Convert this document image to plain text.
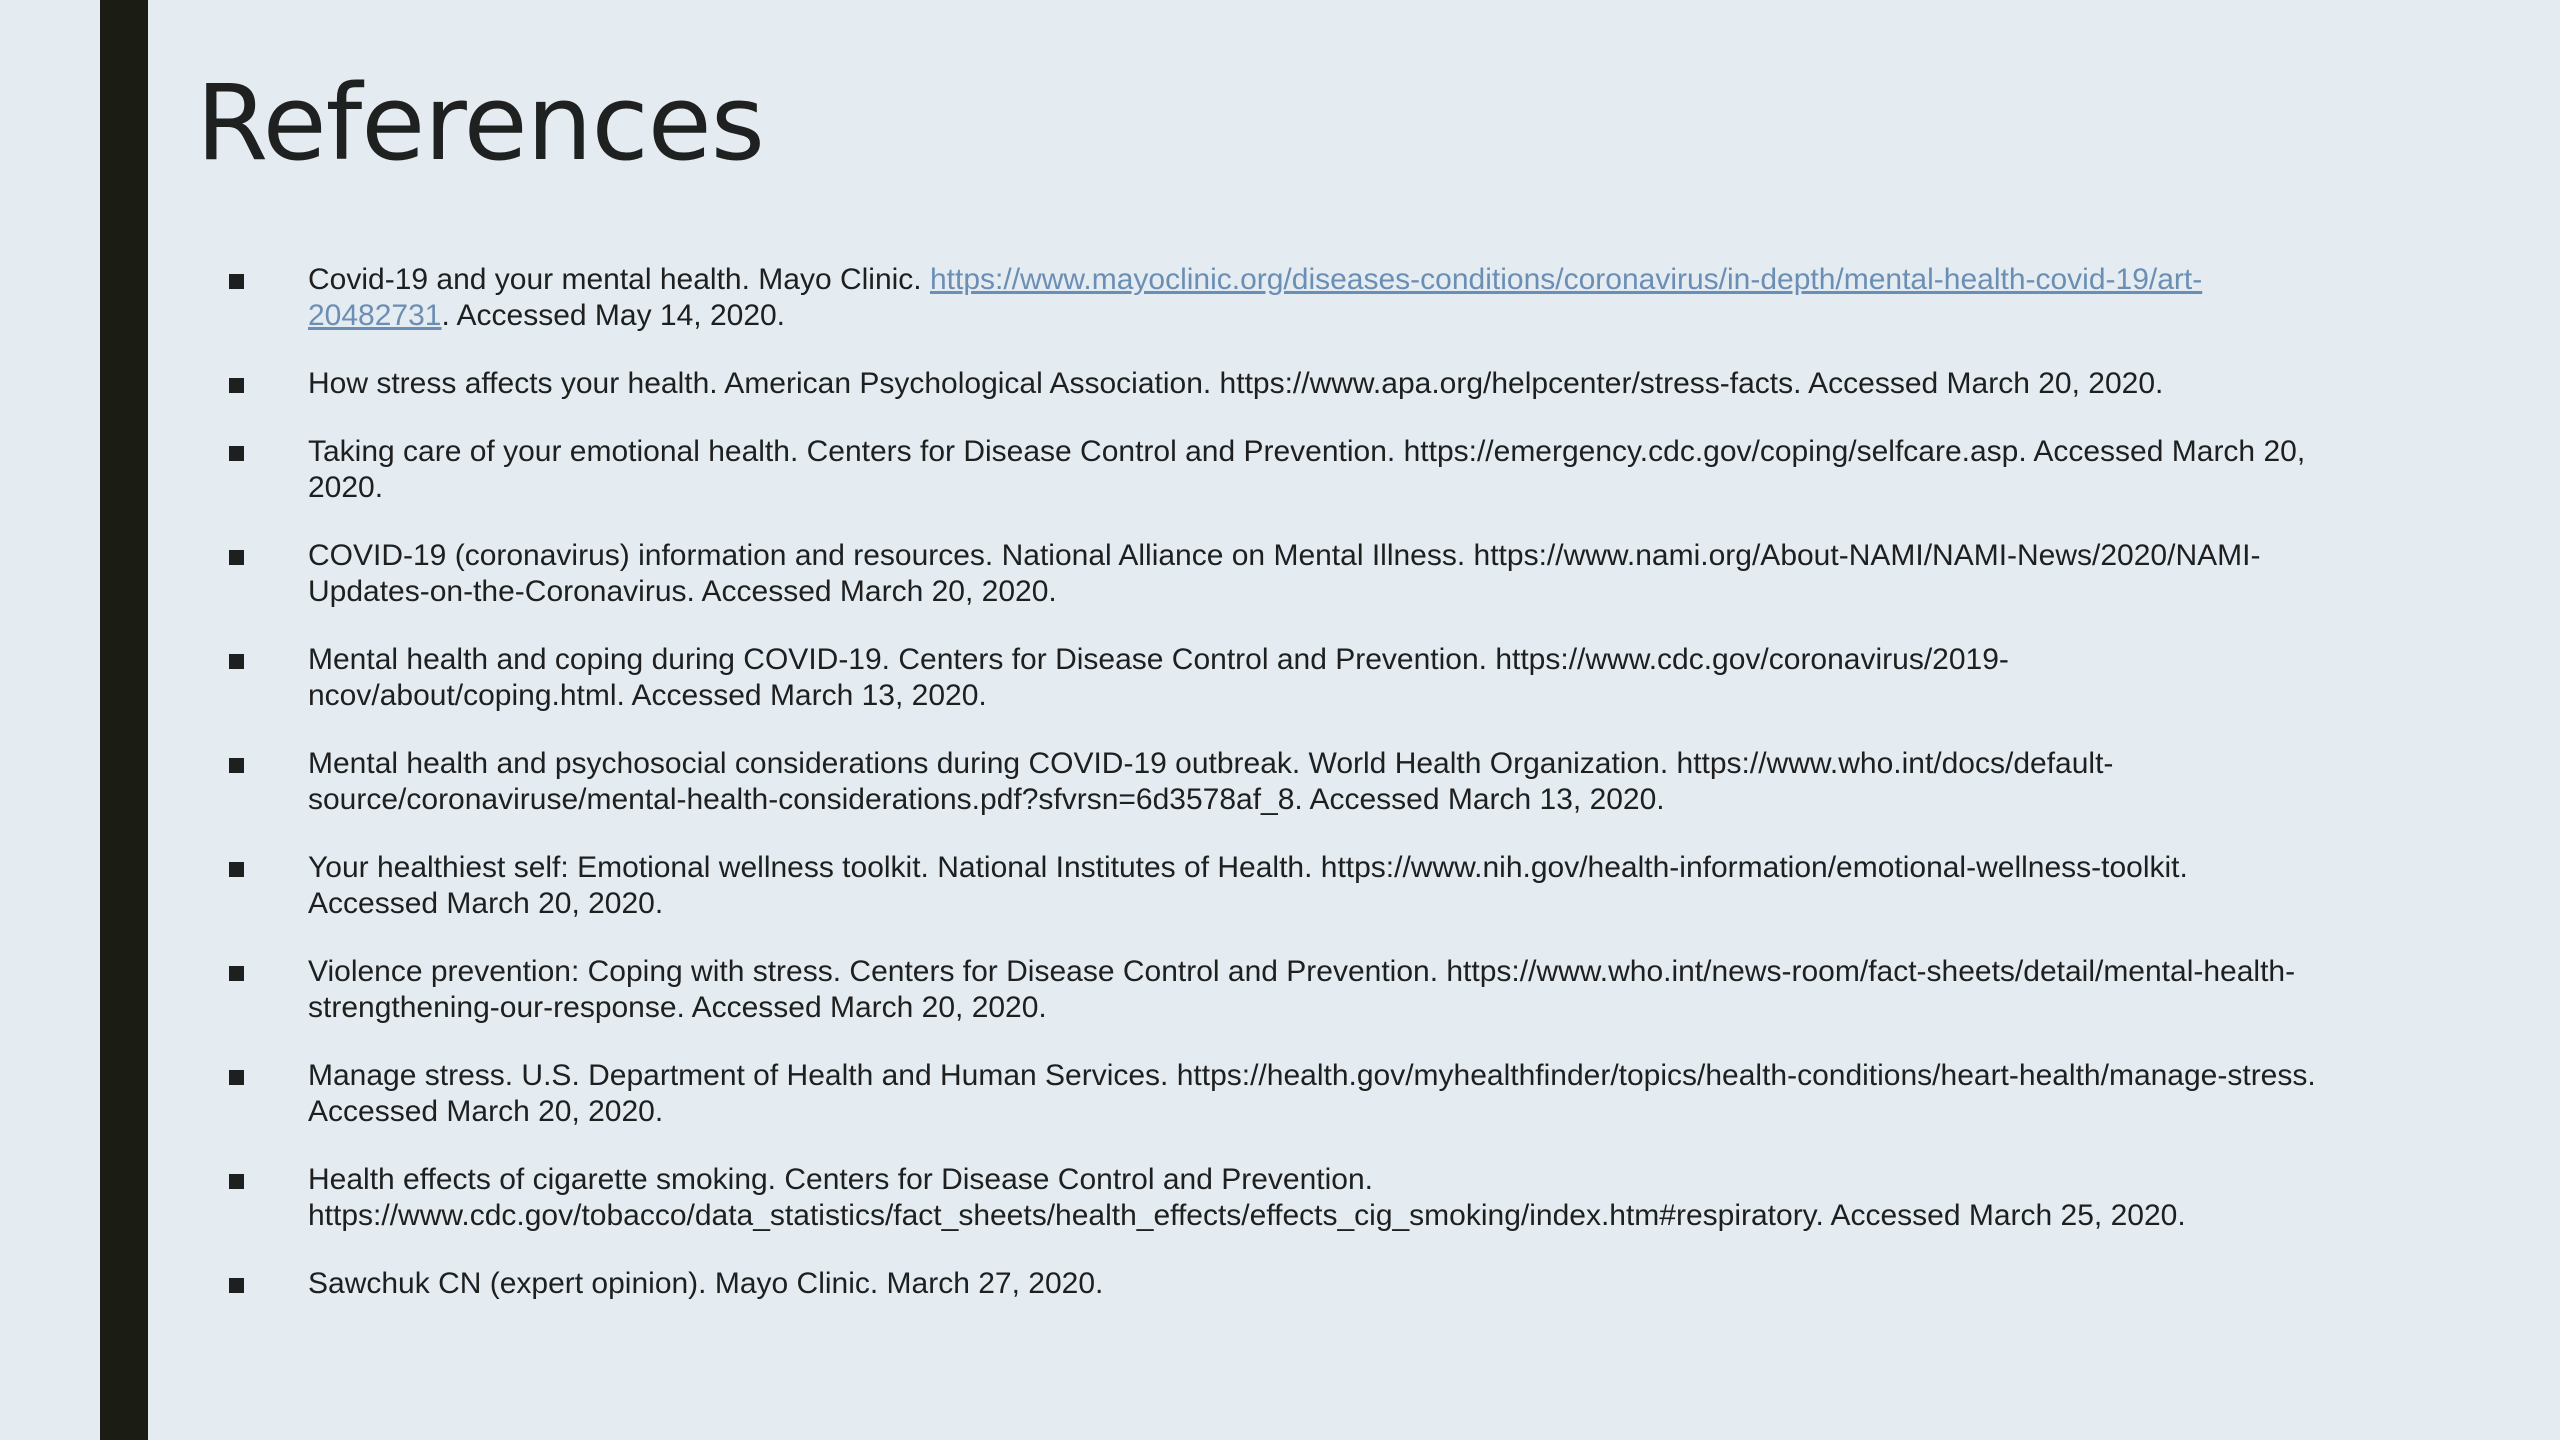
References
Covid-19 and your mental health. Mayo Clinic. https://www.mayoclinic.org/diseases-conditions/coronavirus/in-depth/mental-health-covid-19/art-20482731. Accessed May 14, 2020.
How stress affects your health. American Psychological Association. https://www.apa.org/helpcenter/stress-facts. Accessed March 20, 2020.
Taking care of your emotional health. Centers for Disease Control and Prevention. https://emergency.cdc.gov/coping/selfcare.asp. Accessed March 20, 2020.
COVID-19 (coronavirus) information and resources. National Alliance on Mental Illness. https://www.nami.org/About-NAMI/NAMI-News/2020/NAMI-Updates-on-the-Coronavirus. Accessed March 20, 2020.
Mental health and coping during COVID-19. Centers for Disease Control and Prevention. https://www.cdc.gov/coronavirus/2019-ncov/about/coping.html. Accessed March 13, 2020.
Mental health and psychosocial considerations during COVID-19 outbreak. World Health Organization. https://www.who.int/docs/default-source/coronaviruse/mental-health-considerations.pdf?sfvrsn=6d3578af_8. Accessed March 13, 2020.
Your healthiest self: Emotional wellness toolkit. National Institutes of Health. https://www.nih.gov/health-information/emotional-wellness-toolkit. Accessed March 20, 2020.
Violence prevention: Coping with stress. Centers for Disease Control and Prevention. https://www.who.int/news-room/fact-sheets/detail/mental-health-strengthening-our-response. Accessed March 20, 2020.
Manage stress. U.S. Department of Health and Human Services. https://health.gov/myhealthfinder/topics/health-conditions/heart-health/manage-stress. Accessed March 20, 2020.
Health effects of cigarette smoking. Centers for Disease Control and Prevention. https://www.cdc.gov/tobacco/data_statistics/fact_sheets/health_effects/effects_cig_smoking/index.htm#respiratory. Accessed March 25, 2020.
Sawchuk CN (expert opinion). Mayo Clinic. March 27, 2020.
